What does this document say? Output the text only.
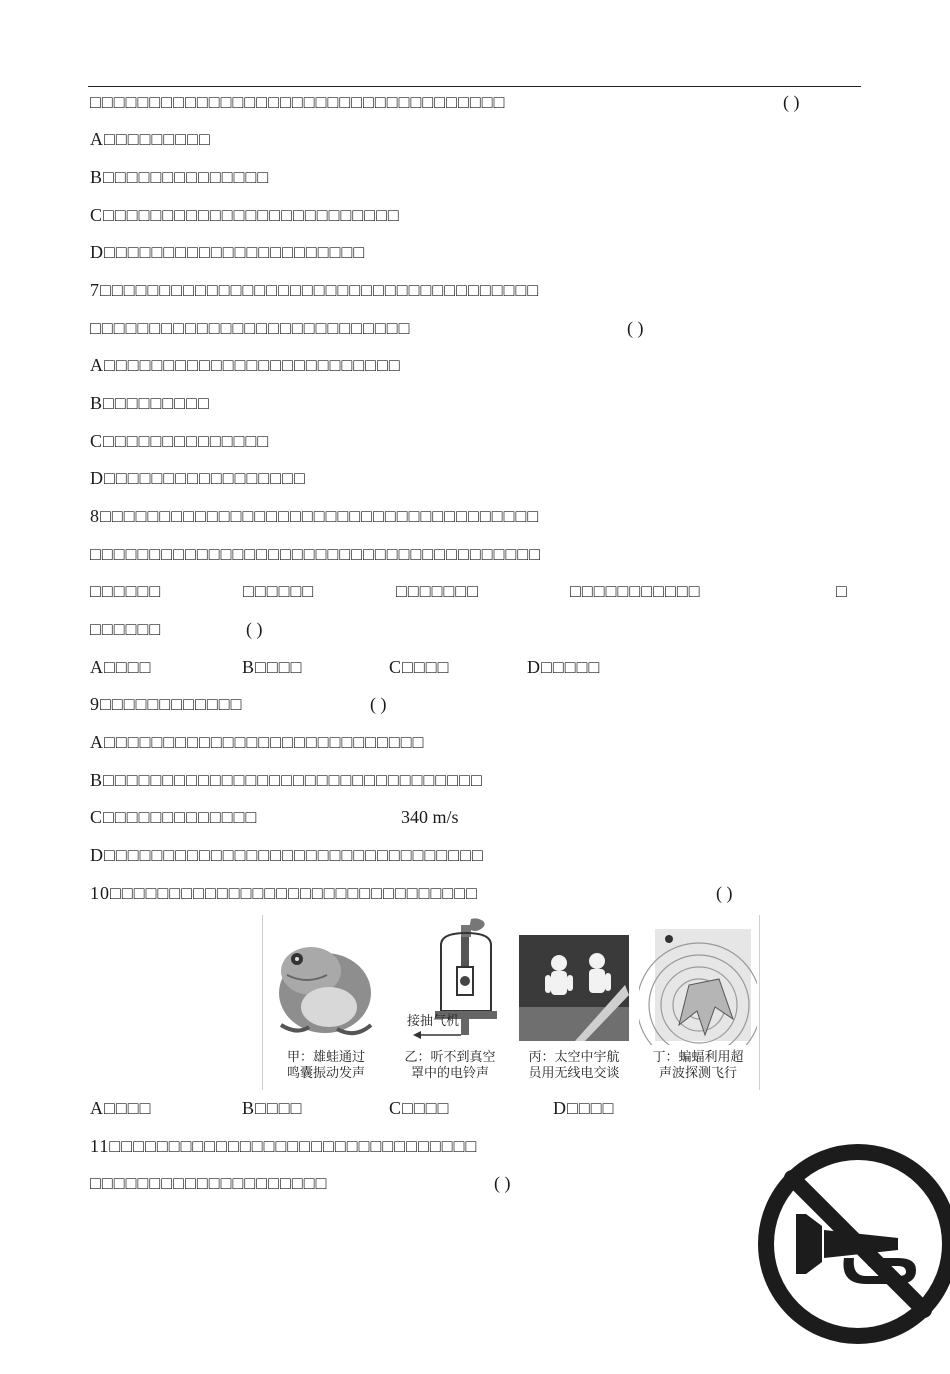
□□□□□□□□□□□□□□□□□□□□□□□□□□□□□□□□□□□	( )
A□□□□□□□□□
B□□□□□□□□□□□□□□
C□□□□□□□□□□□□□□□□□□□□□□□□□
D□□□□□□□□□□□□□□□□□□□□□□
7□□□□□□□□□□□□□□□□□□□□□□□□□□□□□□□□□□□□□
□□□□□□□□□□□□□□□□□□□□□□□□□□□	( )
A□□□□□□□□□□□□□□□□□□□□□□□□□
B□□□□□□□□□
C□□□□□□□□□□□□□□
D□□□□□□□□□□□□□□□□□
8□□□□□□□□□□□□□□□□□□□□□□□□□□□□□□□□□□□□□
□□□□□□□□□□□□□□□□□□□□□□□□□□□□□□□□□□□□□□
□□□□□□	□□□□□□	□□□□□□□	□□□□□□□□□□□	□
□□□□□□	( )
A□□□□	B□□□□	C□□□□	D□□□□□
9□□□□□□□□□□□□	( )
A□□□□□□□□□□□□□□□□□□□□□□□□□□□
B□□□□□□□□□□□□□□□□□□□□□□□□□□□□□□□□
C□□□□□□□□□□□□□	340 m/s
D□□□□□□□□□□□□□□□□□□□□□□□□□□□□□□□□
10□□□□□□□□□□□□□□□□□□□□□□□□□□□□□□□	( )
甲：雄蛙通过
鸣囊振动发声
接抽气机
乙：听不到真空
罩中的电铃声
丙：太空中宇航
员用无线电交谈
丁：蝙蝠利用超
声波探测飞行
A□□□□	B□□□□	C□□□□	D□□□□
11□□□□□□□□□□□□□□□□□□□□□□□□□□□□□□□
□□□□□□□□□□□□□□□□□□□□	( )
